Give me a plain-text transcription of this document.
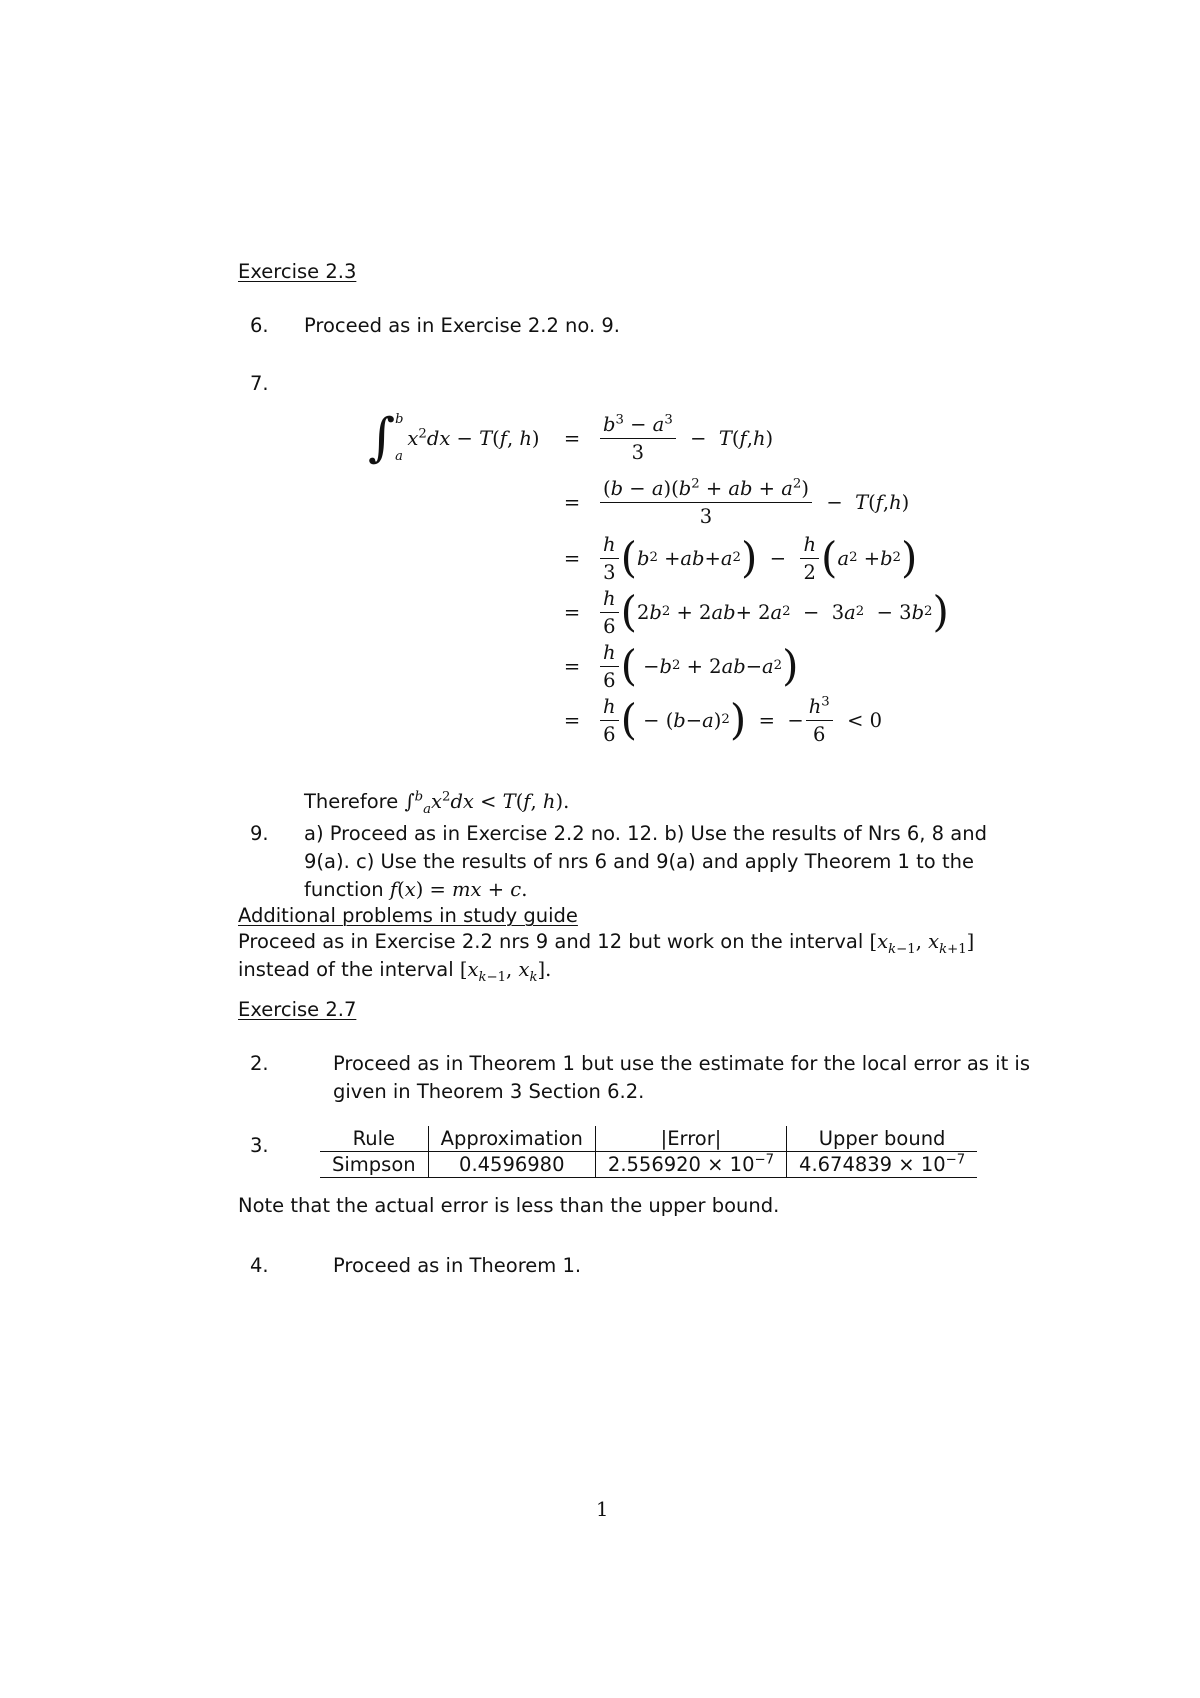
Exercise 2.3
6. Proceed as in Exercise 2.2 no. 9.
7.
∫ b
a
$x^2dx - T(f$, $h) = \frac{b^3 - a^3}{3} - T$ ( f , h )
= $\frac{(b - a)(b^2 + ab + a^2)}{3} - T$ ( f , h )
= $\frac{h}{3}$ ( b 2 + ab + a 2 ) − $\frac{h}{2}$ ( a 2 + b 2 )
= $\frac{h}{6}$ ( 2 b 2 + 2 ab + 2 a 2 −  3 a 2 − 3 b 2 )
= $\frac{h}{6}$ ( − b 2 + 2 ab − a 2 )
= $\frac{h}{6}$ ( − ( b − a ) 2 ) =  − $\frac{h^3}{6} < 0$
Therefore $\int^b_ax^2dx < T(f$, h).
9. a) Proceed as in Exercise 2.2 no. 12. b) Use the results of Nrs 6, 8 and
9(a). c) Use the results of nrs 6 and 9(a) and apply Theorem 1 to the
function f(x) = mx + c.
Additional problems in study guide
Proceed as in Exercise 2.2 nrs 9 and 12 but work on the interval [$x_{k-1}$, $x_{k+1}$]
instead of the interval [$x_{k-1}$, $x_k$].
Exercise 2.7
2.	Proceed as in Theorem 1 but use the estimate for the local error as it is
given in Theorem 3 Section 6.2.
3.	Rule	Approximation	|Error|	Upper bound
Simpson	0.4596980	$2.556920 \times 10^{-7}$	$4.674839 \times 10^{-7}$
Note that the actual error is less than the upper bound.
4.	Proceed as in Theorem 1.
1
